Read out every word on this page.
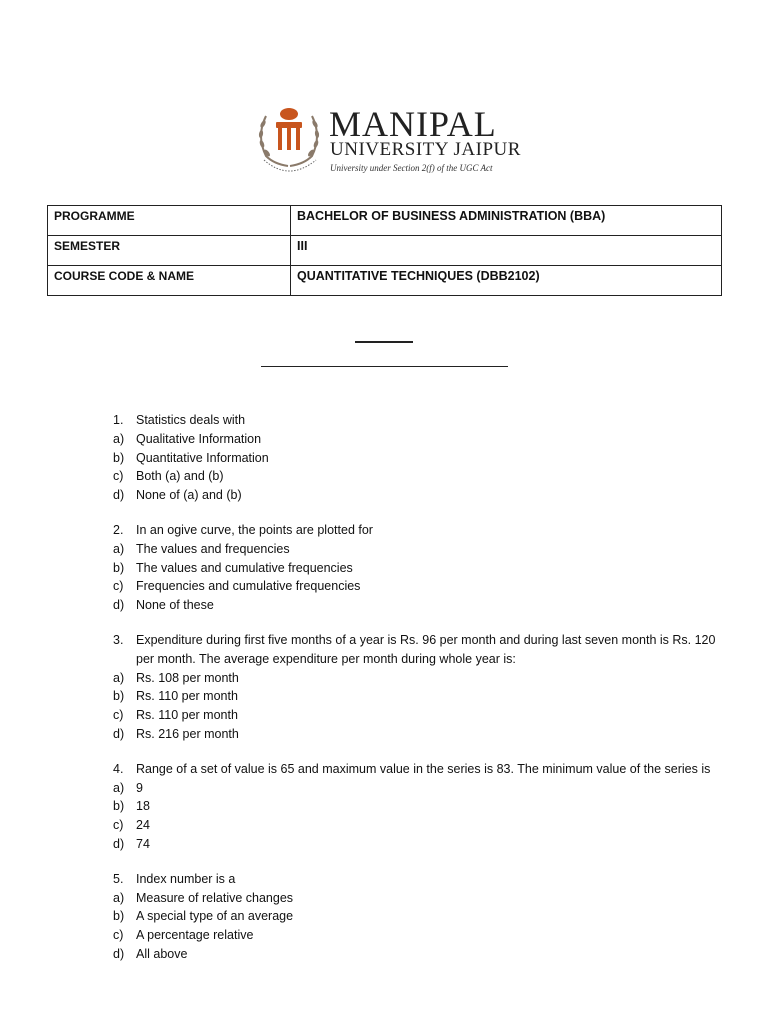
MANIPAL
UNIVERSITY JAIPUR
University under Section 2(f) of the UGC Act
PROGRAMME	BACHELOR OF BUSINESS ADMINISTRATION (BBA)
SEMESTER	III
COURSE CODE & NAME	QUANTITATIVE TECHNIQUES (DBB2102)
1.	Statistics deals with
a) Qualitative Information
b) Quantitative Information
c)	Both (a) and (b)
d) None of (a) and (b)
2.	In an ogive curve, the points are plotted for
a) The values and frequencies
b) The values and cumulative frequencies
c)	Frequencies and cumulative frequencies
d) None of these
3.	Expenditure during first five months of a year is Rs. 96 per month and during last seven month is Rs. 120 per month. The average expenditure per month during whole year is:
a) Rs. 108 per month
b) Rs. 110 per month
c)	Rs. 110 per month
d) Rs. 216 per month
4.	Range of a set of value is 65 and maximum value in the series is 83. The minimum value of the series is
a) 9
b) 18
c)	24
d) 74
5.	Index number is a
a) Measure of relative changes
b) A special type of an average
c)	A percentage relative
d) All above
